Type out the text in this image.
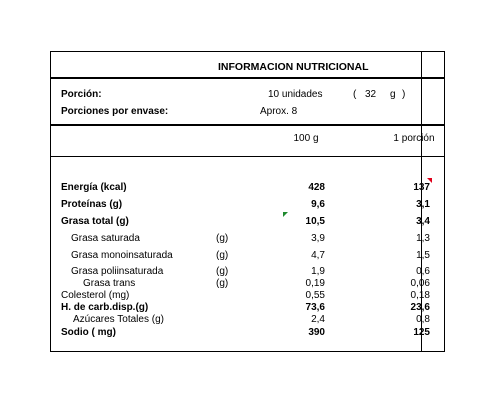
INFORMACION NUTRICIONAL
Porción:	10 unidades	( 32 g )
Porciones por envase:	Aprox. 8
100 g	1 porción
Energía (kcal)	428	137
Proteínas (g)	9,6	3,1
Grasa total (g)	10,5	3,4
Grasa saturada	(g)	3,9	1,3
Grasa monoinsaturada	(g)	4,7	1,5
Grasa poliinsaturada	(g)	1,9	0,6
Grasa trans	(g)	0,19	0,06
Colesterol (mg)	0,55	0,18
H. de carb.disp.(g)	73,6	23,6
Azúcares Totales (g)	2,4	0,8
Sodio ( mg)	390	125
